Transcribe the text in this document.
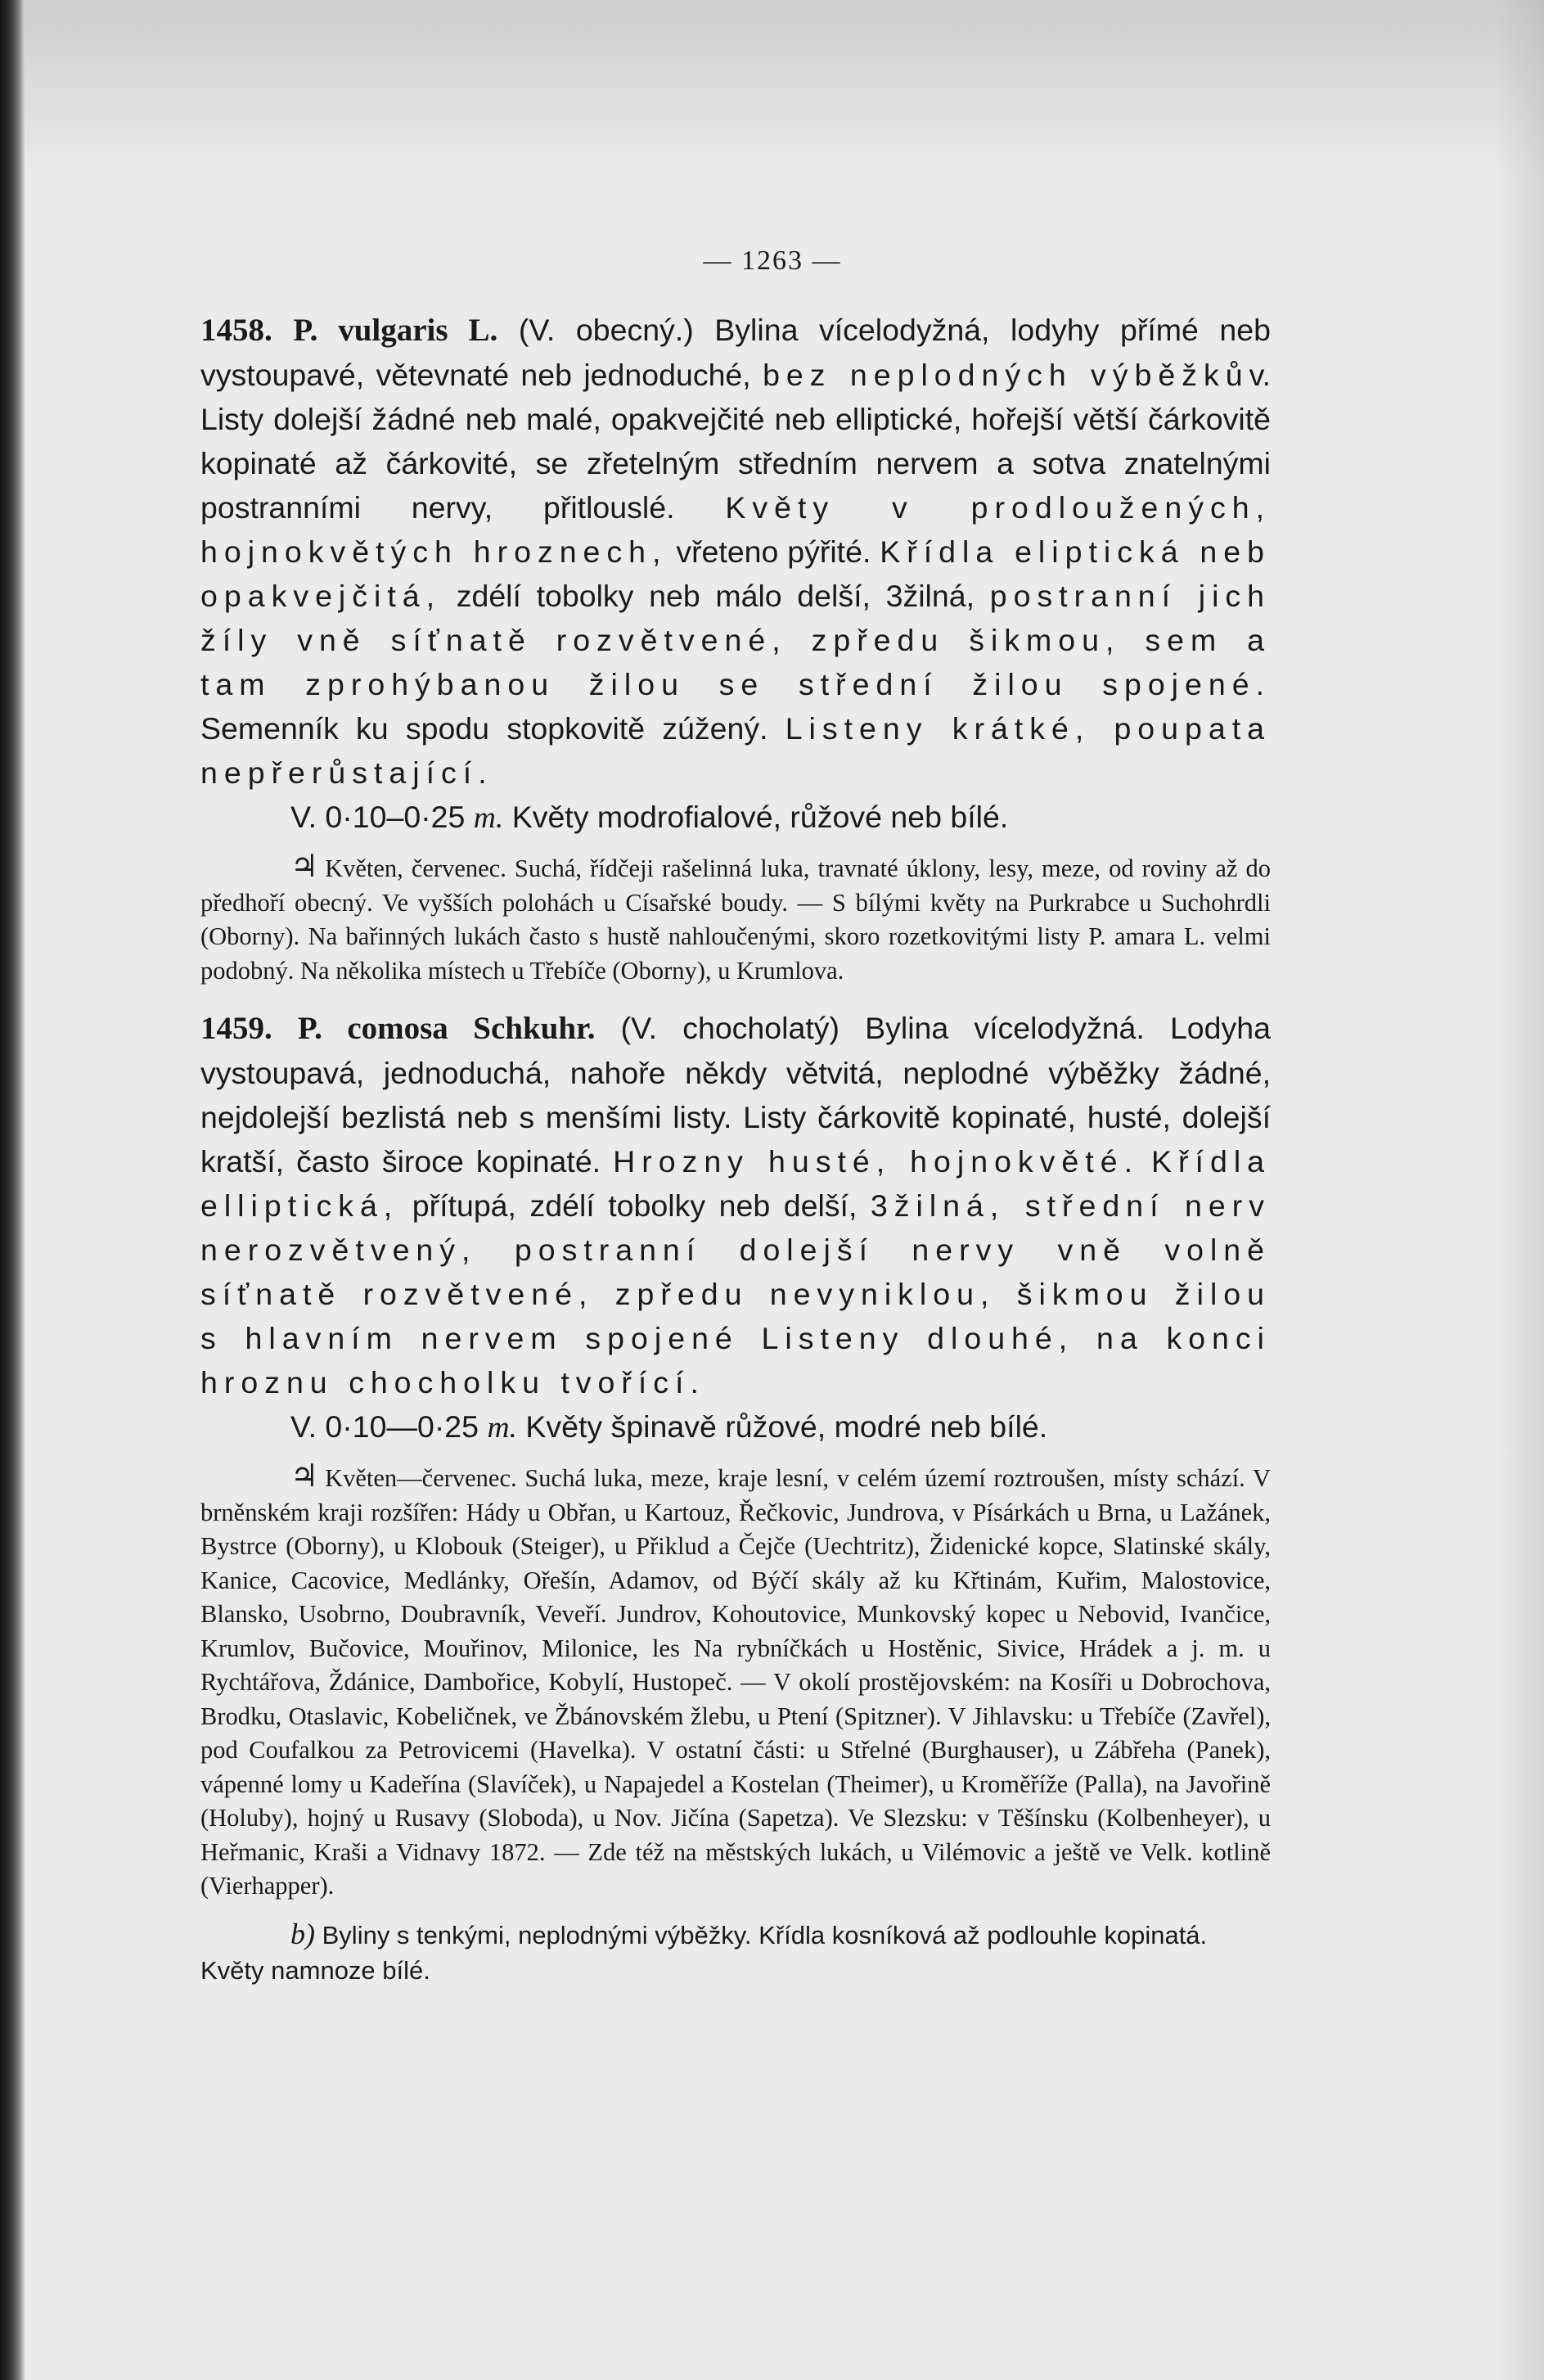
— 1263 —

1458. P. vulgaris L. (V. obecný.) Bylina vícelodyžná, lodyhy přímé neb vystoupavé, větevnaté neb jednoduché, bez neplodných výběžkův. Listy dolejší žádné neb malé, opakvejčité neb elliptické, hořejší větší čárkovitě kopinaté až čárkovité, se zřetelným středním nervem a sotva znatelnými postranními nervy, přitlouslé. Květy v prodloužených, hojnokvětých hroznech, vřeteno pýřité. Křídla eliptická neb opakvejčitá, zdélí tobolky neb málo delší, 3žilná, postranní jich žíly vně síťnatě rozvětvené, zpředu šikmou, sem a tam zprohýbanou žilou se střední žilou spojené. Semenník ku spodu stopkovitě zúžený. Listeny krátké, poupata nepřerůstající.

V. 0·10–0·25 m. Květy modrofialové, růžové neb bílé.

♃ Květen, červenec. Suchá, řídčeji rašelinná luka, travnaté úklony, lesy, meze, od roviny až do předhoří obecný. Ve vyšších polohách u Císařské boudy. — S bílými květy na Purkrabce u Suchohrdli (Oborny). Na bařinných lukách často s hustě nahloučenými, skoro rozetkovitými listy P. amara L. velmi podobný. Na několika místech u Třebíče (Oborny), u Krumlova.

1459. P. comosa Schkuhr. (V. chocholatý) Bylina vícelodyžná. Lodyha vystoupavá, jednoduchá, nahoře někdy větvitá, neplodné výběžky žádné, nejdolejší bezlistá neb s menšími listy. Listy čárkovitě kopinaté, husté, dolejší kratší, často široce kopinaté. Hrozny husté, hojnokvěté. Křídla elliptická, přítupá, zdélí tobolky neb delší, 3žilná, střední nerv nerozvětvený, postranní dolejší nervy vně volně síťnatě rozvětvené, zpředu nevyniklou, šikmou žilou s hlavním nervem spojené Listeny dlouhé, na konci hroznu chocholku tvořící.

V. 0·10—0·25 m. Květy špinavě růžové, modré neb bílé.

♃ Květen—červenec. Suchá luka, meze, kraje lesní, v celém území roztroušen, místy schází. V brněnském kraji rozšířen: Hády u Obřan, u Kartouz, Řečkovic, Jundrova, v Písárkách u Brna, u Lažánek, Bystrce (Oborny), u Klobouk (Steiger), u Přiklud a Čejče (Uechtritz), Židenické kopce, Slatinské skály, Kanice, Cacovice, Medlánky, Ořešín, Adamov, od Býčí skály až ku Křtinám, Kuřim, Malostovice, Blansko, Usobrno, Doubravník, Veveří. Jundrov, Kohoutovice, Munkovský kopec u Nebovid, Ivančice, Krumlov, Bučovice, Mouřinov, Milonice, les Na rybníčkách u Hostěnic, Sivice, Hrádek a j. m. u Rychtářova, Ždánice, Dambořice, Kobylí, Hustopeč. — V okolí prostějovském: na Kosíři u Dobrochova, Brodku, Otaslavic, Kobeličnek, ve Žbánovském žlebu, u Ptení (Spitzner). V Jihlavsku: u Třebíče (Zavřel), pod Coufalkou za Petrovicemi (Havelka). V ostatní části: u Střelné (Burghauser), u Zábřeha (Panek), vápenné lomy u Kadeřína (Slavíček), u Napajedel a Kostelan (Theimer), u Kroměříže (Palla), na Javořině (Holuby), hojný u Rusavy (Sloboda), u Nov. Jičína (Sapetza). Ve Slezsku: v Těšínsku (Kolbenheyer), u Heřmanic, Kraši a Vidnavy 1872. — Zde též na městských lukách, u Vilémovic a ještě ve Velk. kotlině (Vierhapper).

b) Byliny s tenkými, neplodnými výběžky. Křídla kosníková až podlouhle kopinatá. Květy namnoze bílé.
